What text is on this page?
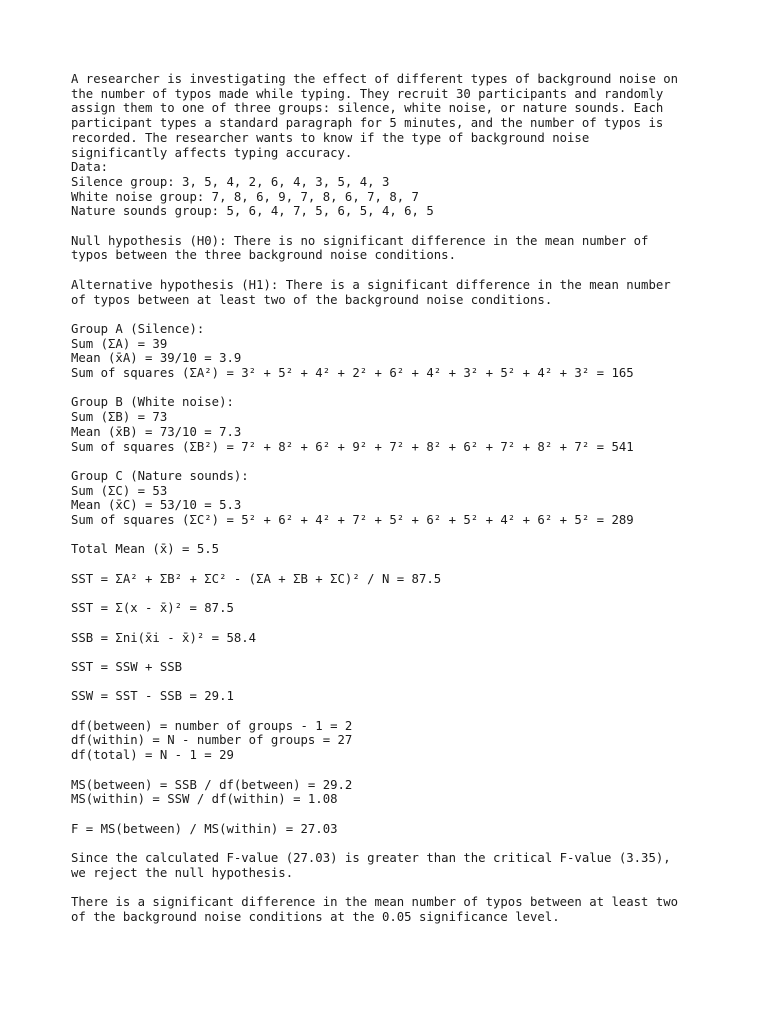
A researcher is investigating the effect of different types of background noise on
the number of typos made while typing. They recruit 30 participants and randomly
assign them to one of three groups: silence, white noise, or nature sounds. Each
participant types a standard paragraph for 5 minutes, and the number of typos is
recorded. The researcher wants to know if the type of background noise
significantly affects typing accuracy.
Data:
Silence group: 3, 5, 4, 2, 6, 4, 3, 5, 4, 3
White noise group: 7, 8, 6, 9, 7, 8, 6, 7, 8, 7
Nature sounds group: 5, 6, 4, 7, 5, 6, 5, 4, 6, 5
Null hypothesis (H0): There is no significant difference in the mean number of
typos between the three background noise conditions.
Alternative hypothesis (H1): There is a significant difference in the mean number
of typos between at least two of the background noise conditions.
Group A (Silence):
Sum (ΣA) = 39
Mean (x̄A) = 39/10 = 3.9
Sum of squares (ΣA²) = 3² + 5² + 4² + 2² + 6² + 4² + 3² + 5² + 4² + 3² = 165
Group B (White noise):
Sum (ΣB) = 73
Mean (x̄B) = 73/10 = 7.3
Sum of squares (ΣB²) = 7² + 8² + 6² + 9² + 7² + 8² + 6² + 7² + 8² + 7² = 541
Group C (Nature sounds):
Sum (ΣC) = 53
Mean (x̄C) = 53/10 = 5.3
Sum of squares (ΣC²) = 5² + 6² + 4² + 7² + 5² + 6² + 5² + 4² + 6² + 5² = 289
Total Mean (x̄) = 5.5
SST = ΣA² + ΣB² + ΣC² - (ΣA + ΣB + ΣC)² / N = 87.5
SST = Σ(x - x̄)² = 87.5
SSB = Σni(x̄i - x̄)² = 58.4
SST = SSW + SSB
SSW = SST - SSB = 29.1
df(between) = number of groups - 1 = 2
df(within) = N - number of groups = 27
df(total) = N - 1 = 29
MS(between) = SSB / df(between) = 29.2
MS(within) = SSW / df(within) = 1.08
F = MS(between) / MS(within) = 27.03
Since the calculated F-value (27.03) is greater than the critical F-value (3.35),
we reject the null hypothesis.
There is a significant difference in the mean number of typos between at least two
of the background noise conditions at the 0.05 significance level.
